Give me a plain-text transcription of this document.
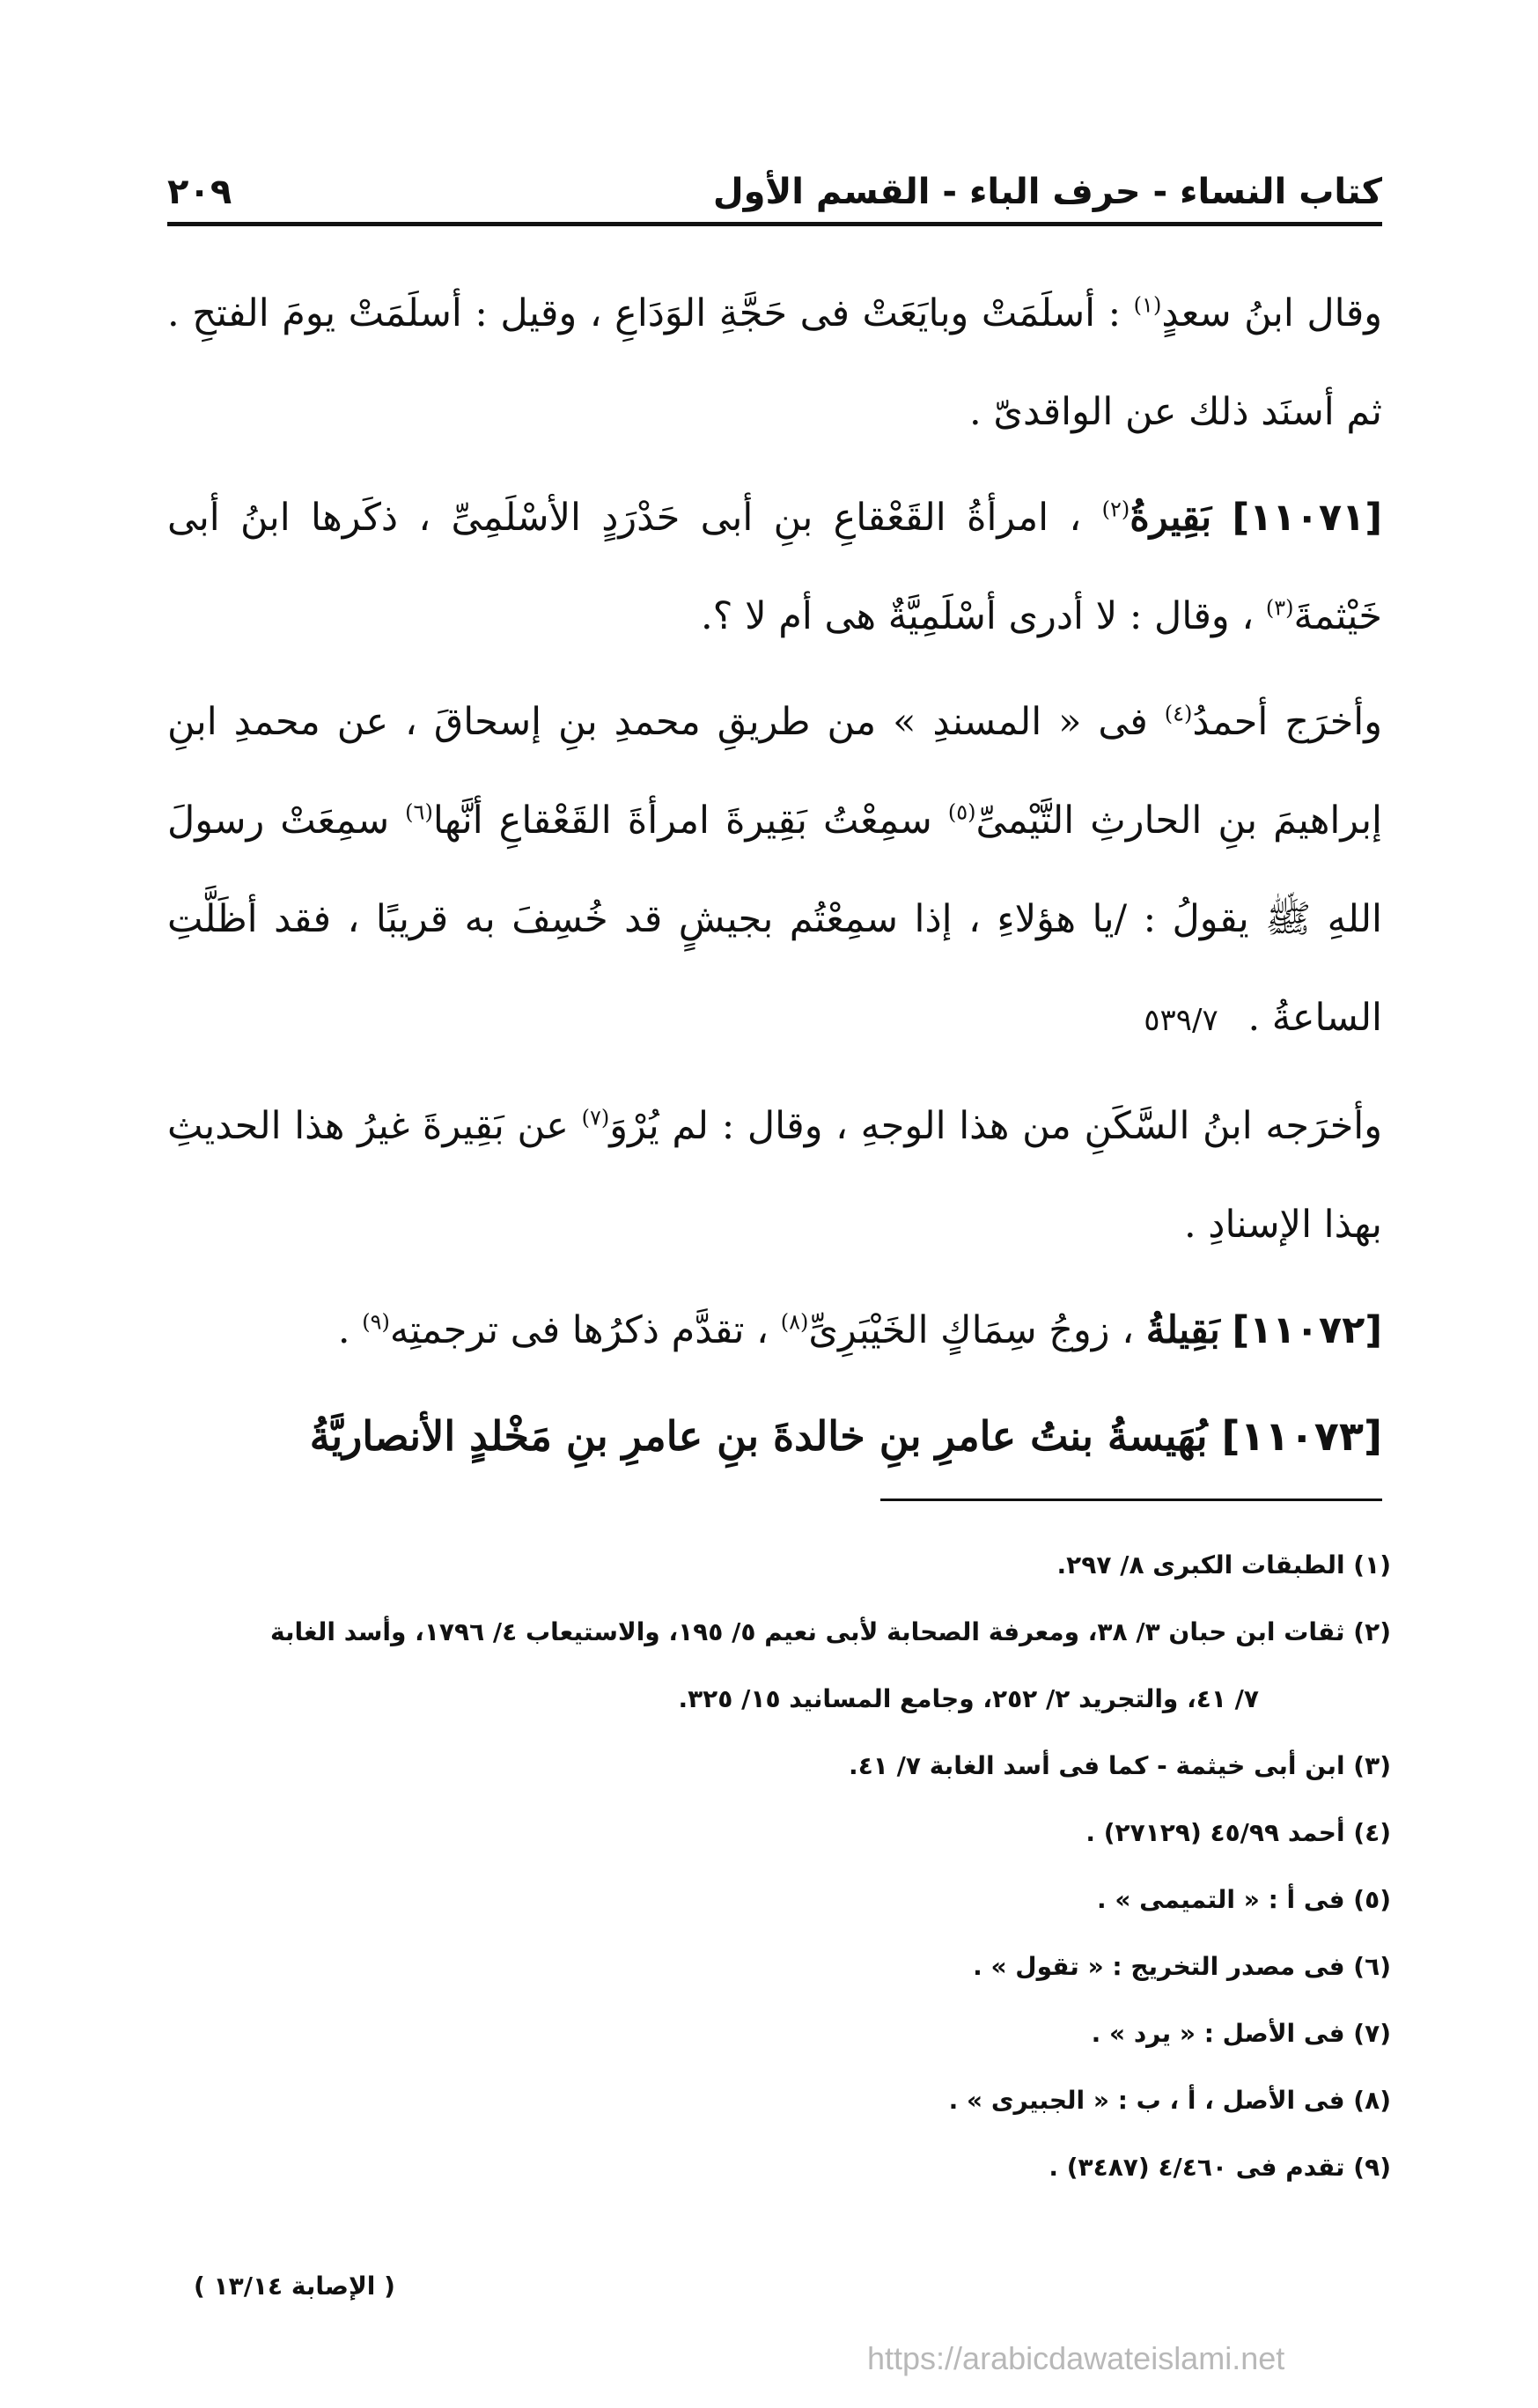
كتاب النساء - حرف الباء - القسم الأول
٢٠٩

وقال ابنُ سعدٍ$^{(١)}$ : أسلَمَتْ وبايَعَتْ فى حَجَّةِ الوَدَاعِ ، وقيل : أسلَمَتْ يومَ الفتحِ . ثم أسنَد ذلك عن الواقدىّ .

[١١٠٧١] بَقِيرةُ$^{(٢)}$ ، امرأةُ القَعْقاعِ بنِ أبى حَدْرَدٍ الأسْلَمِىِّ ، ذكَرها ابنُ أبى خَيْثمةَ$^{(٣)}$ ، وقال : لا أدرى أسْلَمِيَّةٌ هى أم لا ؟.

وأخرَج أحمدُ$^{(٤)}$ فى « المسندِ » من طريقِ محمدِ بنِ إسحاقَ ، عن محمدِ ابنِ إبراهيمَ بنِ الحارثِ التَّيْمىِّ$^{(٥)}$ سمِعْتُ بَقِيرةَ امرأةَ القَعْقاعِ أنَّها$^{(٦)}$ سمِعَتْ رسولَ اللهِ ﷺ يقولُ : /يا هؤلاءِ ، إذا سمِعْتُم بجيشٍ قد خُسِفَ به قريبًا ، فقد أظَلَّتِ الساعةُ . ٥٣٩/٧

وأخرَجه ابنُ السَّكَنِ من هذا الوجهِ ، وقال : لم يُرْوَ$^{(٧)}$ عن بَقِيرةَ غيرُ هذا الحديثِ بهذا الإسنادِ .

[١١٠٧٢] بَقِيلةُ ، زوجُ سِمَاكٍ الخَيْبَرِىِّ$^{(٨)}$ ، تقدَّم ذكرُها فى ترجمتِه$^{(٩)}$ .

[١١٠٧٣] بُهَيسةُ بنتُ عامرِ بنِ خالدةَ بنِ عامرِ بنِ مَخْلدٍ الأنصاريَّةُ

(١) الطبقات الكبرى ٨/ ٢٩٧.

(٢) ثقات ابن حبان ٣/ ٣٨، ومعرفة الصحابة لأبى نعيم ٥/ ١٩٥، والاستيعاب ٤/ ١٧٩٦، وأسد الغابة

٧/ ٤١، والتجريد ٢/ ٢٥٢، وجامع المسانيد ١٥/ ٣٢٥.

(٣) ابن أبى خيثمة - كما فى أسد الغابة ٧/ ٤١.

(٤) أحمد ٤٥/٩٩ (٢٧١٢٩) .

(٥) فى أ : « التميمى » .

(٦) فى مصدر التخريج : « تقول » .

(٧) فى الأصل : « يرد » .

(٨) فى الأصل ، أ ، ب : « الجبيرى » .

(٩) تقدم فى ٤/٤٦٠ (٣٤٨٧) .

( الإصابة ١٣/١٤ )
https://arabicdawateislami.net
